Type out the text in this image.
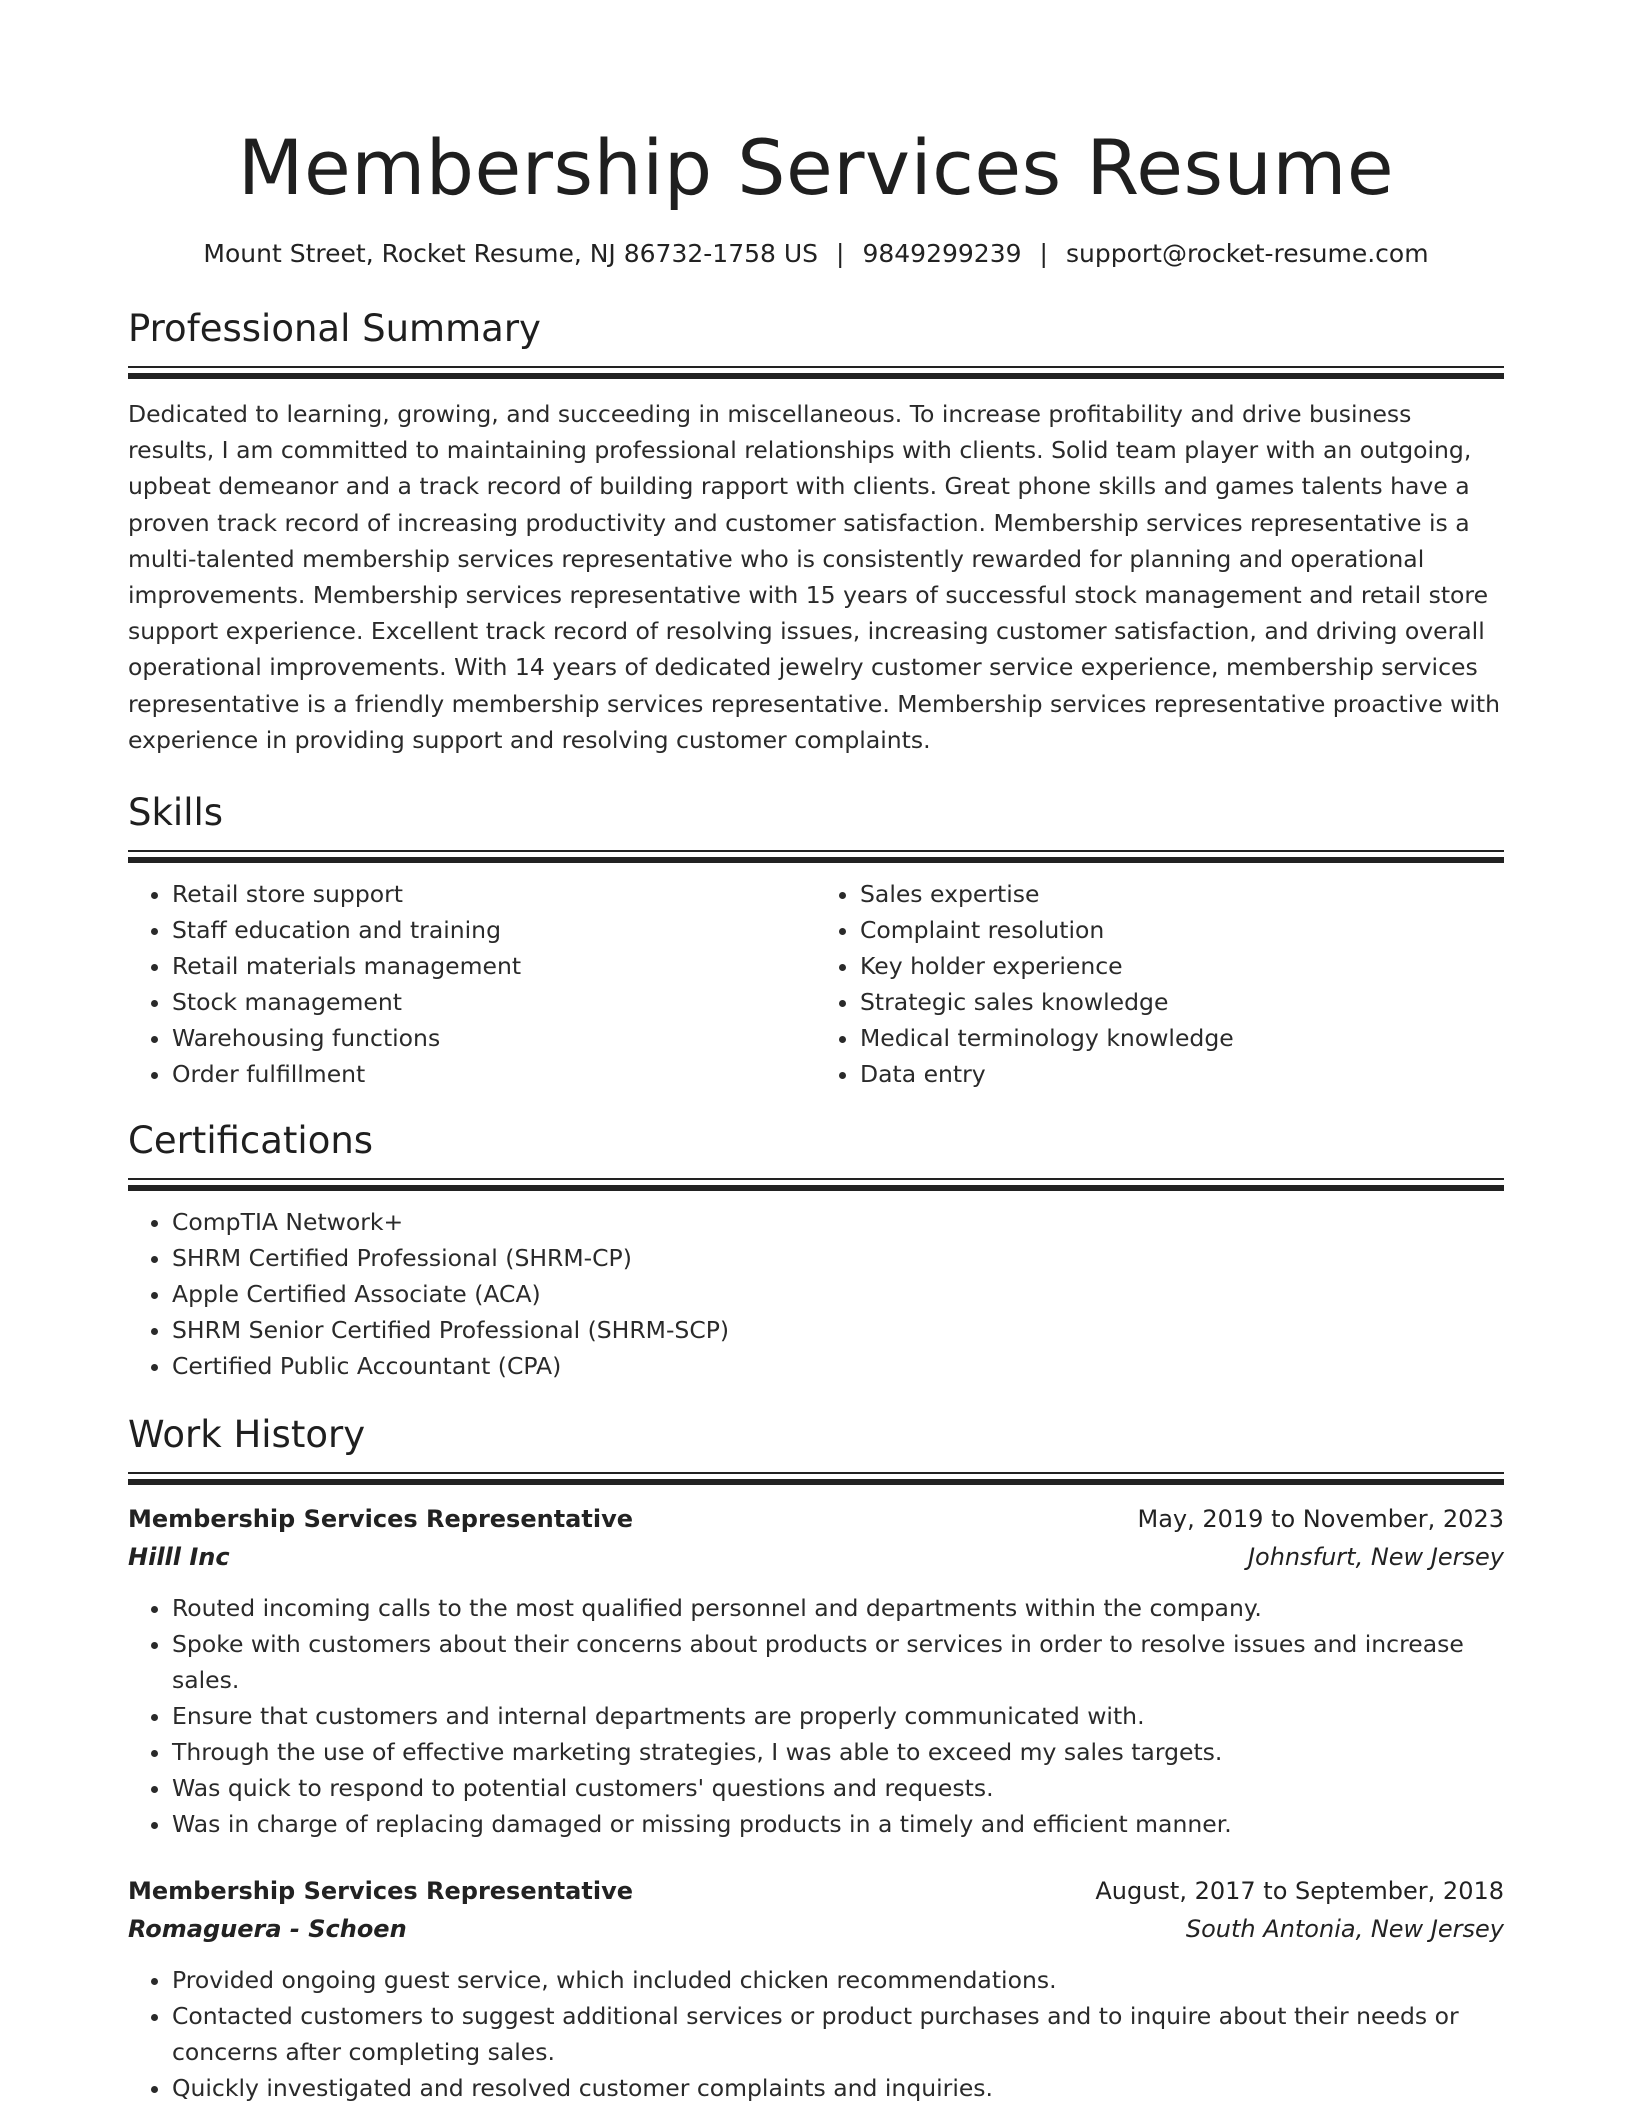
Membership Services Resume
Mount Street, Rocket Resume, NJ 86732-1758 US | 9849299239 | support@rocket-resume.com
Professional Summary
Dedicated to learning, growing, and succeeding in miscellaneous. To increase profitability and drive business results, I am committed to maintaining professional relationships with clients. Solid team player with an outgoing, upbeat demeanor and a track record of building rapport with clients. Great phone skills and games talents have a proven track record of increasing productivity and customer satisfaction. Membership services representative is a multi-talented membership services representative who is consistently rewarded for planning and operational improvements. Membership services representative with 15 years of successful stock management and retail store support experience. Excellent track record of resolving issues, increasing customer satisfaction, and driving overall operational improvements. With 14 years of dedicated jewelry customer service experience, membership services representative is a friendly membership services representative. Membership services representative proactive with experience in providing support and resolving customer complaints.
Skills
• Retail store support
• Staff education and training
• Retail materials management
• Stock management
• Warehousing functions
• Order fulfillment
• Sales expertise
• Complaint resolution
• Key holder experience
• Strategic sales knowledge
• Medical terminology knowledge
• Data entry
Certifications
• CompTIA Network+
• SHRM Certified Professional (SHRM-CP)
• Apple Certified Associate (ACA)
• SHRM Senior Certified Professional (SHRM-SCP)
• Certified Public Accountant (CPA)
Work History
Membership Services Representative	May, 2019 to November, 2023
Hilll Inc	Johnsfurt, New Jersey
• Routed incoming calls to the most qualified personnel and departments within the company.
• Spoke with customers about their concerns about products or services in order to resolve issues and increase sales.
• Ensure that customers and internal departments are properly communicated with.
• Through the use of effective marketing strategies, I was able to exceed my sales targets.
• Was quick to respond to potential customers' questions and requests.
• Was in charge of replacing damaged or missing products in a timely and efficient manner.
Membership Services Representative	August, 2017 to September, 2018
Romaguera - Schoen	South Antonia, New Jersey
• Provided ongoing guest service, which included chicken recommendations.
• Contacted customers to suggest additional services or product purchases and to inquire about their needs or concerns after completing sales.
• Quickly investigated and resolved customer complaints and inquiries.
